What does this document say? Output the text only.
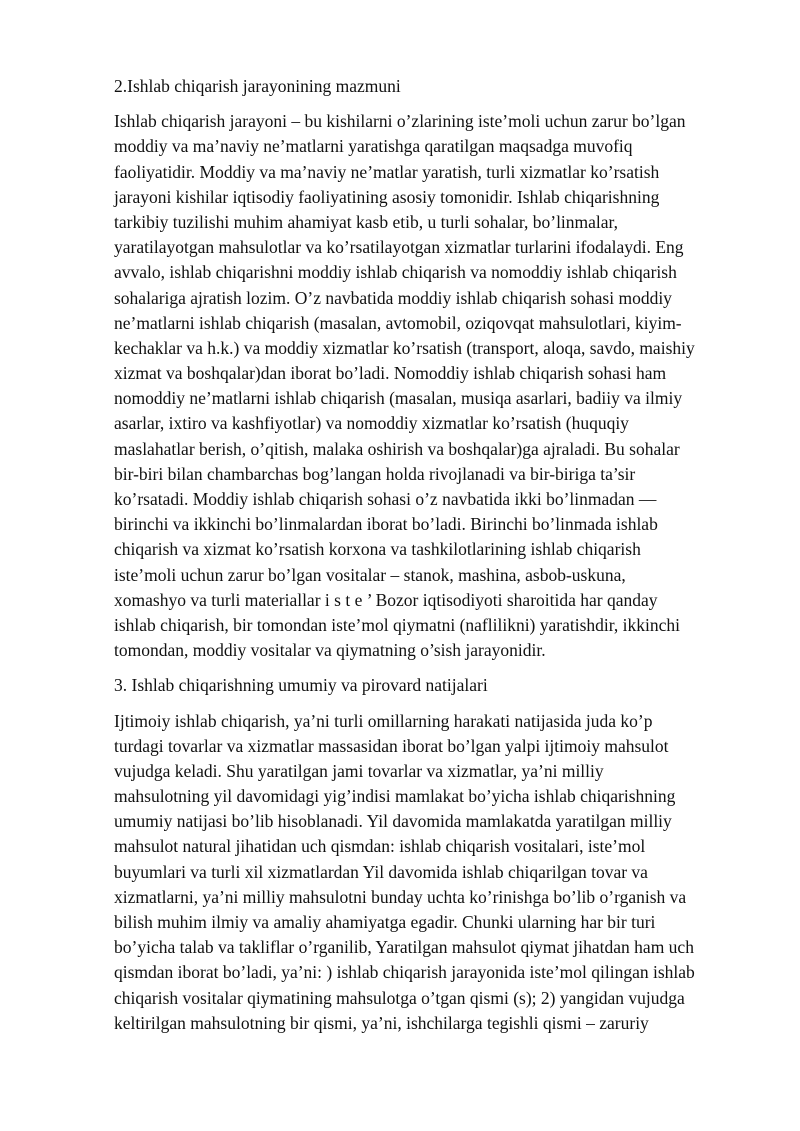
2.Ishlab chiqarish jarayonining mazmuni
Ishlab chiqarish jarayoni – bu kishilarni o’zlarining iste’moli uchun zarur bo’lgan
moddiy va ma’naviy ne’matlarni yaratishga qaratilgan maqsadga muvofiq
faoliyatidir. Moddiy va ma’naviy ne’matlar yaratish, turli xizmatlar ko’rsatish
jarayoni kishilar iqtisodiy faoliyatining asosiy tomonidir. Ishlab chiqarishning
tarkibiy tuzilishi muhim ahamiyat kasb etib, u turli sohalar, bo’linmalar,
yaratilayotgan mahsulotlar va ko’rsatilayotgan xizmatlar turlarini ifodalaydi. Eng
avvalo, ishlab chiqarishni moddiy ishlab chiqarish va nomoddiy ishlab chiqarish
sohalariga ajratish lozim. O’z navbatida moddiy ishlab chiqarish sohasi moddiy
ne’matlarni ishlab chiqarish (masalan, avtomobil, oziqovqat mahsulotlari, kiyim-
kechaklar va h.k.) va moddiy xizmatlar ko’rsatish (transport, aloqa, savdo, maishiy
xizmat va boshqalar)dan iborat bo’ladi. Nomoddiy ishlab chiqarish sohasi ham
nomoddiy ne’matlarni ishlab chiqarish (masalan, musiqa asarlari, badiiy va ilmiy
asarlar, ixtiro va kashfiyotlar) va nomoddiy xizmatlar ko’rsatish (huquqiy
maslahatlar berish, o’qitish, malaka oshirish va boshqalar)ga ajraladi. Bu sohalar
bir-biri bilan chambarchas bog’langan holda rivojlanadi va bir-biriga ta’sir
ko’rsatadi. Moddiy ishlab chiqarish sohasi o’z navbatida ikki bo’linmadan —
birinchi va ikkinchi bo’linmalardan iborat bo’ladi. Birinchi bo’linmada ishlab
chiqarish va xizmat ko’rsatish korxona va tashkilotlarining ishlab chiqarish
iste’moli uchun zarur bo’lgan vositalar – stanok, mashina, asbob-uskuna,
xomashyo va turli materiallar i s t e ’ Bozor iqtisodiyoti sharoitida har qanday
ishlab chiqarish, bir tomondan iste’mol qiymatni (naflilikni) yaratishdir, ikkinchi
tomondan, moddiy vositalar va qiymatning o’sish jarayonidir.
3. Ishlab chiqarishning umumiy va pirovard natijalari
Ijtimoiy ishlab chiqarish, ya’ni turli omillarning harakati natijasida juda ko’p
turdagi tovarlar va xizmatlar massasidan iborat bo’lgan yalpi ijtimoiy mahsulot
vujudga keladi. Shu yaratilgan jami tovarlar va xizmatlar, ya’ni milliy
mahsulotning yil davomidagi yig’indisi mamlakat bo’yicha ishlab chiqarishning
umumiy natijasi bo’lib hisoblanadi. Yil davomida mamlakatda yaratilgan milliy
mahsulot natural jihatidan uch qismdan: ishlab chiqarish vositalari, iste’mol
buyumlari va turli xil xizmatlardan Yil davomida ishlab chiqarilgan tovar va
xizmatlarni, ya’ni milliy mahsulotni bunday uchta ko’rinishga bo’lib o’rganish va
bilish muhim ilmiy va amaliy ahamiyatga egadir. Chunki ularning har bir turi
bo’yicha talab va takliflar o’rganilib, Yaratilgan mahsulot qiymat jihatdan ham uch
qismdan iborat bo’ladi, ya’ni: ) ishlab chiqarish jarayonida iste’mol qilingan ishlab
chiqarish vositalar qiymatining mahsulotga o’tgan qismi (s); 2) yangidan vujudga
keltirilgan mahsulotning bir qismi, ya’ni, ishchilarga tegishli qismi – zaruriy
